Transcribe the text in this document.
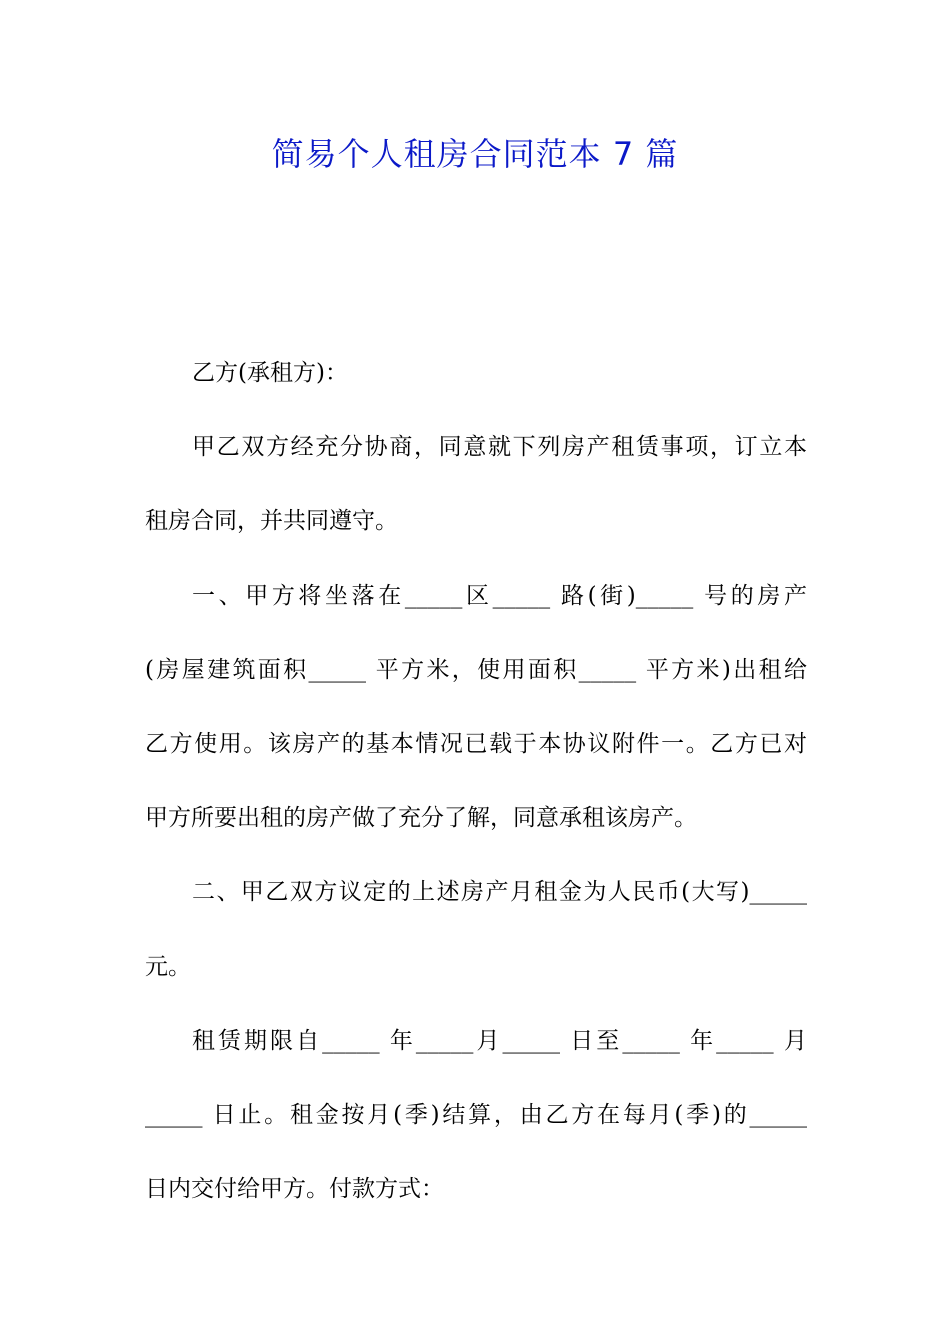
简易个人租房合同范本 7 篇
乙方(承租方)：
甲乙双方经充分协商，同意就下列房产租赁事项，订立本
租房合同，并共同遵守。
一、甲方将坐落在_____区_____ 路(街)_____ 号的房产
(房屋建筑面积_____ 平方米，使用面积_____ 平方米)出租给
乙方使用。该房产的基本情况已载于本协议附件一。乙方已对
甲方所要出租的房产做了充分了解，同意承租该房产。
二、甲乙双方议定的上述房产月租金为人民币(大写)_____
元。
租赁期限自_____ 年_____月_____ 日至_____ 年_____ 月
_____ 日止。租金按月(季)结算，由乙方在每月(季)的_____
日内交付给甲方。付款方式：
